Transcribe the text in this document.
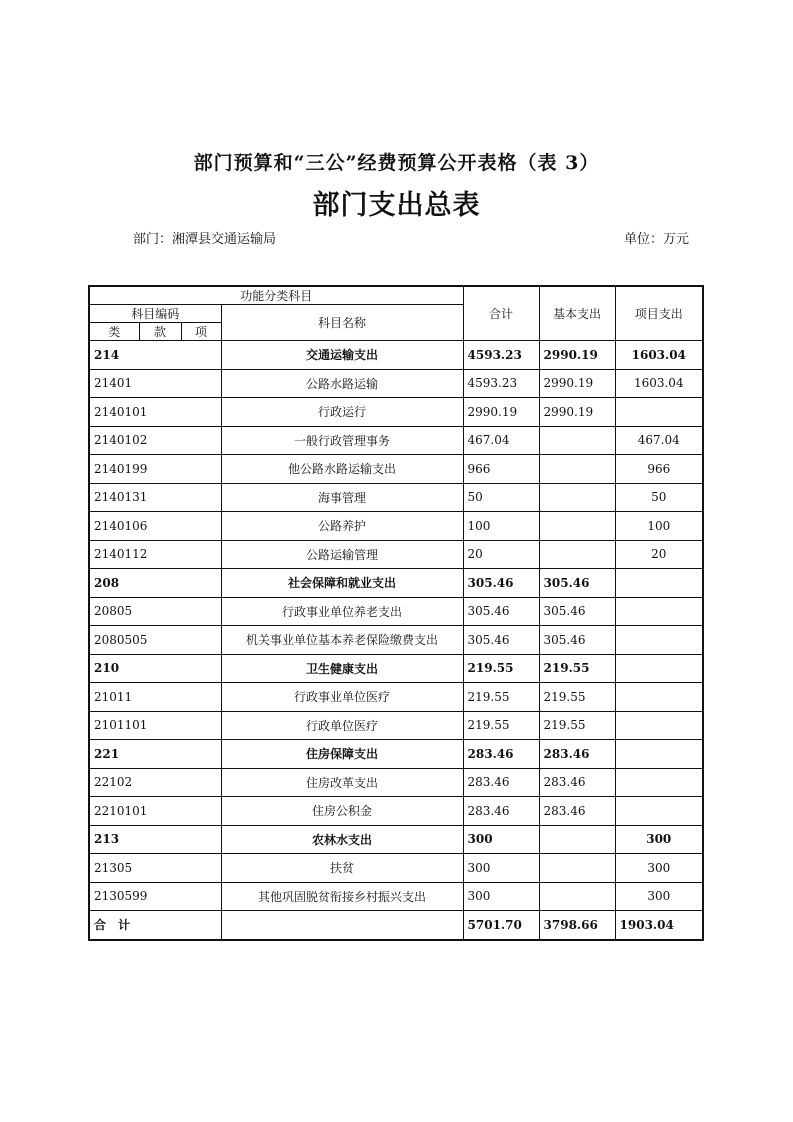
部门预算和“三公”经费预算公开表格（表 3）
部门支出总表
部门：湘潭县交通运输局	单位：万元
功能分类科目				合计	基本支出	项目支出
科目编码			科目名称			
类	款	项				
214			交通运输支出	4593.23	2990.19	1603.04
21401			公路水路运输	4593.23	2990.19	1603.04
2140101			行政运行	2990.19	2990.19	
2140102			一般行政管理事务	467.04		467.04
2140199			他公路水路运输支出	966		966
2140131			海事管理	50		50
2140106			公路养护	100		100
2140112			公路运输管理	20		20
208			社会保障和就业支出	305.46	305.46	
20805			行政事业单位养老支出	305.46	305.46	
2080505			机关事业单位基本养老保险缴费支出	305.46	305.46	
210			卫生健康支出	219.55	219.55	
21011			行政事业单位医疗	219.55	219.55	
2101101			行政单位医疗	219.55	219.55	
221			住房保障支出	283.46	283.46	
22102			住房改革支出	283.46	283.46	
2210101			住房公积金	283.46	283.46	
213			农林水支出	300		300
21305			扶贫	300		300
2130599			其他巩固脱贫衔接乡村振兴支出	300		300
合　计				5701.70	3798.66	1903.04
